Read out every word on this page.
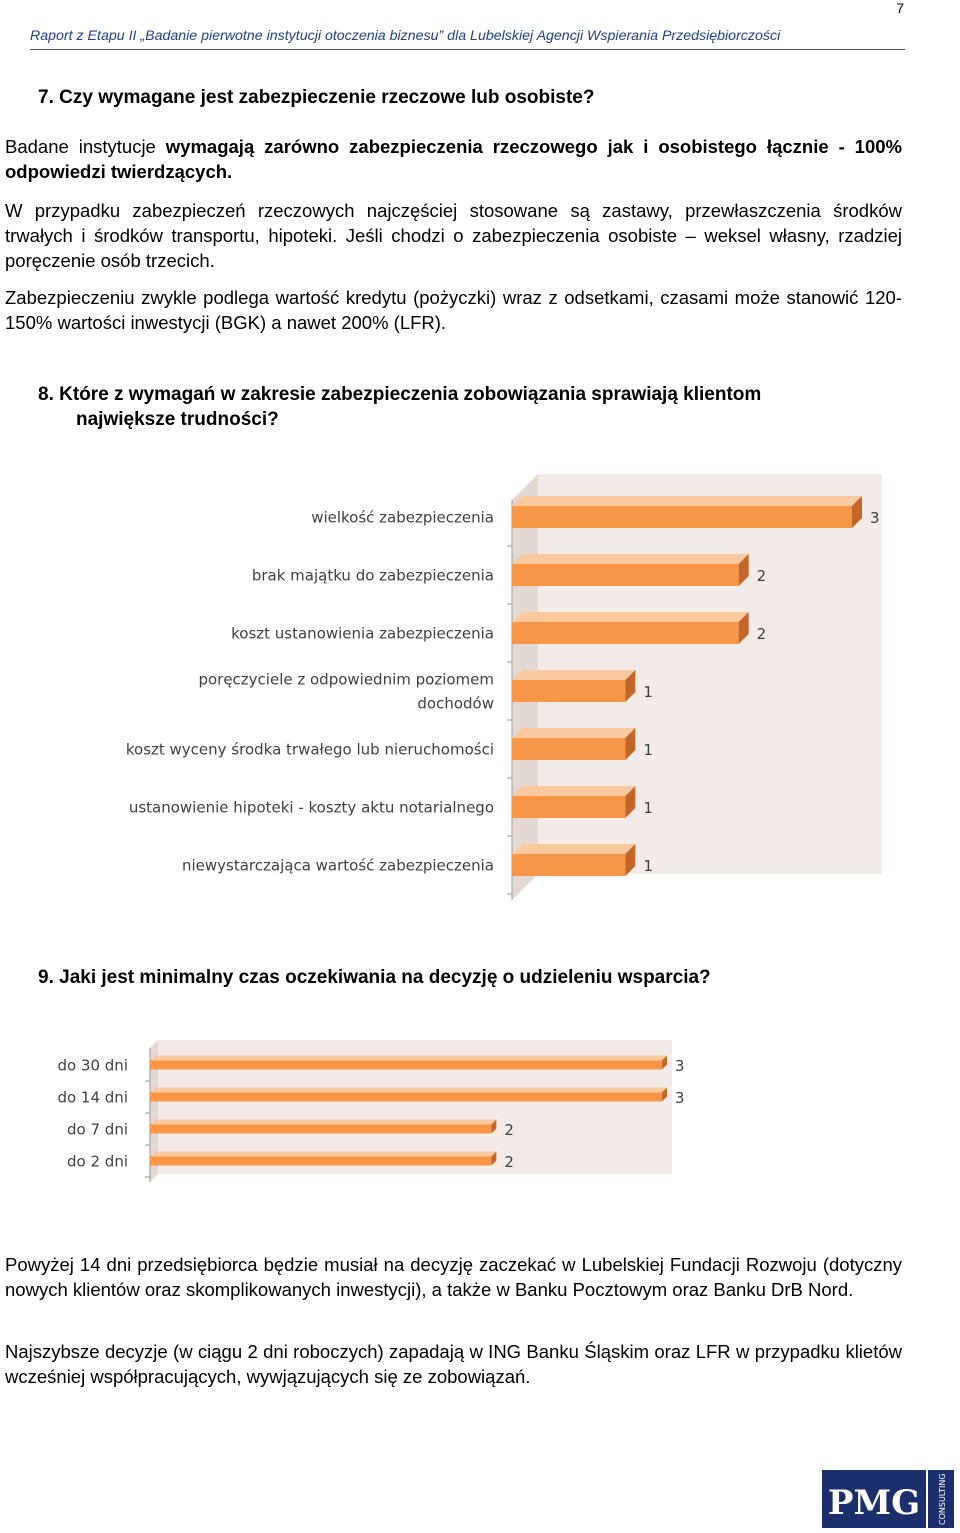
7
Raport z Etapu II „Badanie pierwotne instytucji otoczenia biznesu” dla Lubelskiej Agencji Wspierania Przedsiębiorczości
7. Czy wymagane jest zabezpieczenie rzeczowe lub osobiste?
Badane instytucje wymagają zarówno zabezpieczenia rzeczowego jak i osobistego łącznie - 100% odpowiedzi twierdzących.
W przypadku zabezpieczeń rzeczowych najczęściej stosowane są zastawy, przewłaszczenia środków trwałych i środków transportu, hipoteki. Jeśli chodzi o zabezpieczenia osobiste – weksel własny, rzadziej poręczenie osób trzecich.
Zabezpieczeniu zwykle podlega wartość kredytu (pożyczki) wraz z odsetkami, czasami może stanowić 120-150% wartości inwestycji (BGK) a nawet 200% (LFR).
8. Które z wymagań w zakresie zabezpieczenia zobowiązania sprawiają klientom
największe trudności?
3
wielkość zabezpieczenia
2
brak majątku do zabezpieczenia
2
koszt ustanowienia zabezpieczenia
1
poręczyciele z odpowiednim poziomem
dochodów
1
koszt wyceny środka trwałego lub nieruchomości
1
ustanowienie hipoteki - koszty aktu notarialnego
1
niewystarczająca wartość zabezpieczenia
9. Jaki jest minimalny czas oczekiwania na decyzję o udzieleniu wsparcia?
3
do 30 dni
3
do 14 dni
2
do 7 dni
2
do 2 dni
Powyżej 14 dni przedsiębiorca będzie musiał na decyzję zaczekać w Lubelskiej Fundacji Rozwoju (dotyczny nowych klientów oraz skomplikowanych inwestycji), a także w Banku Pocztowym oraz Banku DrB Nord.
Najszybsze decyzje (w ciągu 2 dni roboczych) zapadają w ING Banku Śląskim oraz LFR w przypadku klietów wcześniej współpracujących, wywjązujących się ze zobowiązań.
PMG CONSULTING
